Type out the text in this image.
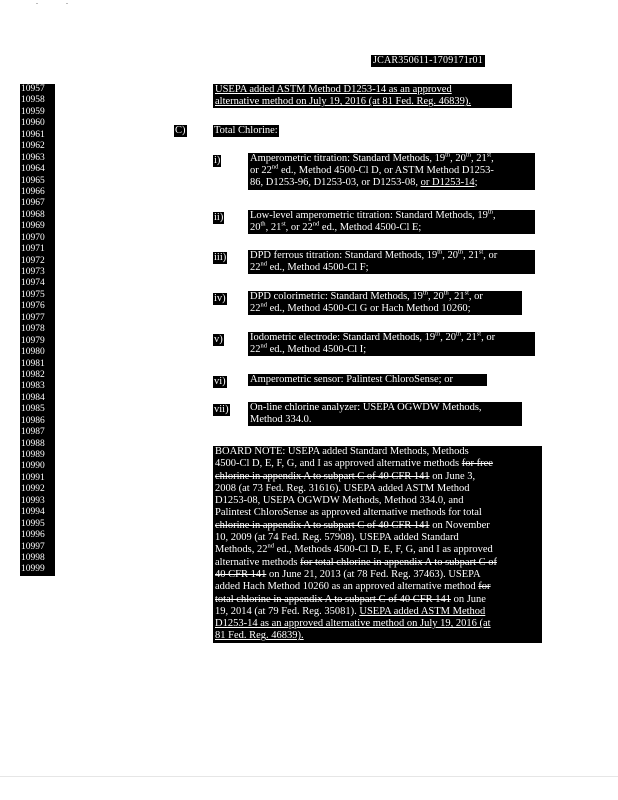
JCAR350611-1709171r01
10957
10958
10959
10960
10961
10962
10963
10964
10965
10966
10967
10968
10969
10970
10971
10972
10973
10974
10975
10976
10977
10978
10979
10980
10981
10982
10983
10984
10985
10986
10987
10988
10989
10990
10991
10992
10993
10994
10995
10996
10997
10998
10999
USEPA added ASTM Method D1253-14 as an approved
alternative method on July 19, 2016 (at 81 Fed. Reg. 46839).
C)	Total Chlorine:
i)	Amperometric titration: Standard Methods, 19th, 20th, 21st,
or 22nd ed., Method 4500-Cl D, or ASTM Method D1253-
86, D1253-96, D1253-03, or D1253-08, or D1253-14;
ii)	Low-level amperometric titration: Standard Methods, 19th,
20th, 21st, or 22nd ed., Method 4500-Cl E;
iii) DPD ferrous titration: Standard Methods, 19th, 20th, 21st, or
22nd ed., Method 4500-Cl F;
iv) DPD colorimetric: Standard Methods, 19th, 20th, 21st, or
22nd ed., Method 4500-Cl G or Hach Method 10260;
v)	Iodometric electrode: Standard Methods, 19th, 20th, 21st, or
22nd ed., Method 4500-Cl I;
vi) Amperometric sensor: Palintest ChloroSense; or
vii) On-line chlorine analyzer: USEPA OGWDW Methods,
Method 334.0.
BOARD NOTE: USEPA added Standard Methods, Methods
4500-Cl D, E, F, G, and I as approved alternative methods for free
chlorine in appendix A to subpart C of 40 CFR 141 on June 3,
2008 (at 73 Fed. Reg. 31616). USEPA added ASTM Method
D1253-08, USEPA OGWDW Methods, Method 334.0, and
Palintest ChloroSense as approved alternative methods for total
chlorine in appendix A to subpart C of 40 CFR 141 on November
10, 2009 (at 74 Fed. Reg. 57908). USEPA added Standard
Methods, 22nd ed., Methods 4500-Cl D, E, F, G, and I as approved
alternative methods for total chlorine in appendix A to subpart C of
40 CFR 141 on June 21, 2013 (at 78 Fed. Reg. 37463). USEPA
added Hach Method 10260 as an approved alternative method for
total chlorine in appendix A to subpart C of 40 CFR 141 on June
19, 2014 (at 79 Fed. Reg. 35081). USEPA added ASTM Method
D1253-14 as an approved alternative method on July 19, 2016 (at
81 Fed. Reg. 46839).
